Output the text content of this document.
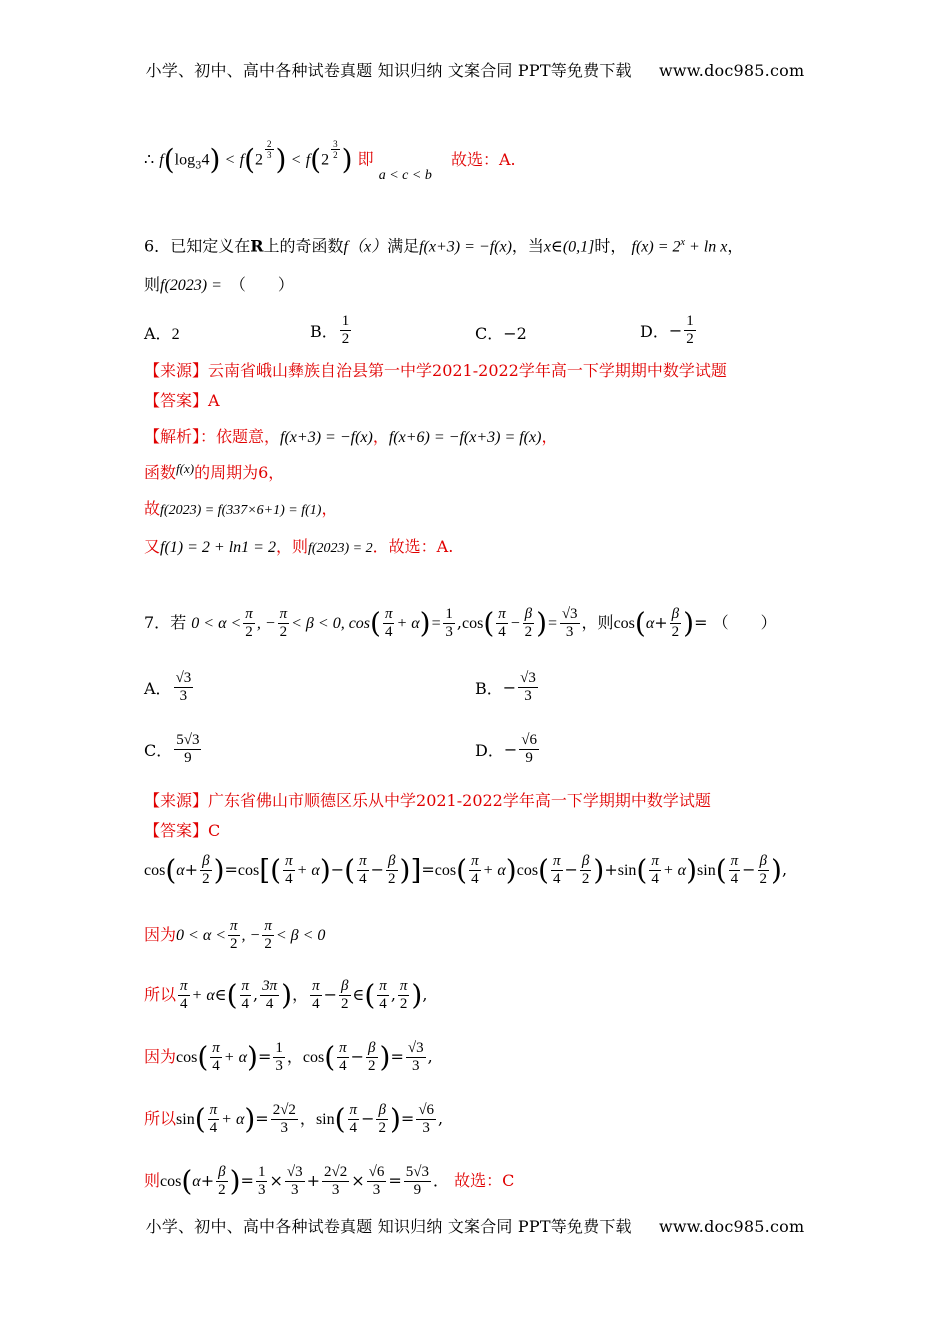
小学、初中、高中各种试卷真题 知识归纳 文案合同 PPT等免费下载 www.doc985.com
∴ $f(\log_34) < f(2 \frac{2}{3}$ ) < $f(2 \frac{3}{2}$ ) 即 a < c < b 故选：A.
6．已知定义在R上的奇函数f（x）满足f(x+3) = −f(x)，当x∈(0,1]时， $f(x) = 2^x + \ln x$，
则f(2023) = （　　）
A．2	B． $\frac{1}{2}$	C．−2	D．− $\frac{1}{2}$
【来源】云南省峨山彝族自治县第一中学2021-2022学年高一下学期期中数学试题
【答案】A
【解析】：依题意，f(x+3) = −f(x)，f(x+6) = −f(x+3) = f(x)，
函数$^{f(x)}$的周期为6，
故f(2023) = f(337×6+1) = f(1)，
又f(1) = 2 + ln1 = 2，则f(2023) = 2．故选：A.
7．若 $0 < \alpha < \frac{\pi}{2}$ , − $\frac{\pi}{2} < \beta < 0$, $\cos( \frac{\pi}{4} + \alpha)= \frac{1}{3} ,\cos( \frac{\pi}{4} - \frac{\beta}{2}$ )= $\frac{√3}{3}$ ，则$\cos(\alpha+ \frac{\beta}{2}$ )= （　　）
A． $\frac{√3}{3}$	B．− $\frac{√3}{3}$
C． $\frac{5√3}{9}$	D．− $\frac{√6}{9}$
【来源】广东省佛山市顺德区乐从中学2021-2022学年高一下学期期中数学试题
【答案】C
$\cos(\alpha+ \frac{\beta}{2} )=\cos[( \frac{\pi}{4} + \alpha)-( \frac{\pi}{4} - \frac{\beta}{2} )]=\cos( \frac{\pi}{4} + \alpha)\cos( \frac{\pi}{4} - \frac{\beta}{2} )+\sin( \frac{\pi}{4} + \alpha)\sin( \frac{\pi}{4} - \frac{\beta}{2}$ ),
因为$0 < \alpha < \frac{\pi}{2}$ , − $\frac{\pi}{2} < \beta < 0$
所以 $\frac{\pi}{4}$ + α∈( $\frac{\pi}{4}$ , $\frac{3\pi}{4}$ )， $\frac{\pi}{4} - \frac{\beta}{2}$ ∈( $\frac{\pi}{4}$ , $\frac{\pi}{2}$ ),
因为$\cos( \frac{\pi}{4} + \alpha)= \frac{1}{3}$ ，$\cos( \frac{\pi}{4} - \frac{\beta}{2}$ )= $\frac{√3}{3}$ ,
所以$\sin( \frac{\pi}{4} + \alpha)= \frac{2√2}{3}$ ，$\sin( \frac{\pi}{4} - \frac{\beta}{2}$ )= $\frac{√6}{3}$ ,
则$\cos(\alpha+ \frac{\beta}{2}$ )= $\frac{1}{3} \times \frac{√3}{3} + \frac{2√2}{3} \times \frac{√6}{3} = \frac{5√3}{9}$ ． 故选：C
小学、初中、高中各种试卷真题 知识归纳 文案合同 PPT等免费下载 www.doc985.com
